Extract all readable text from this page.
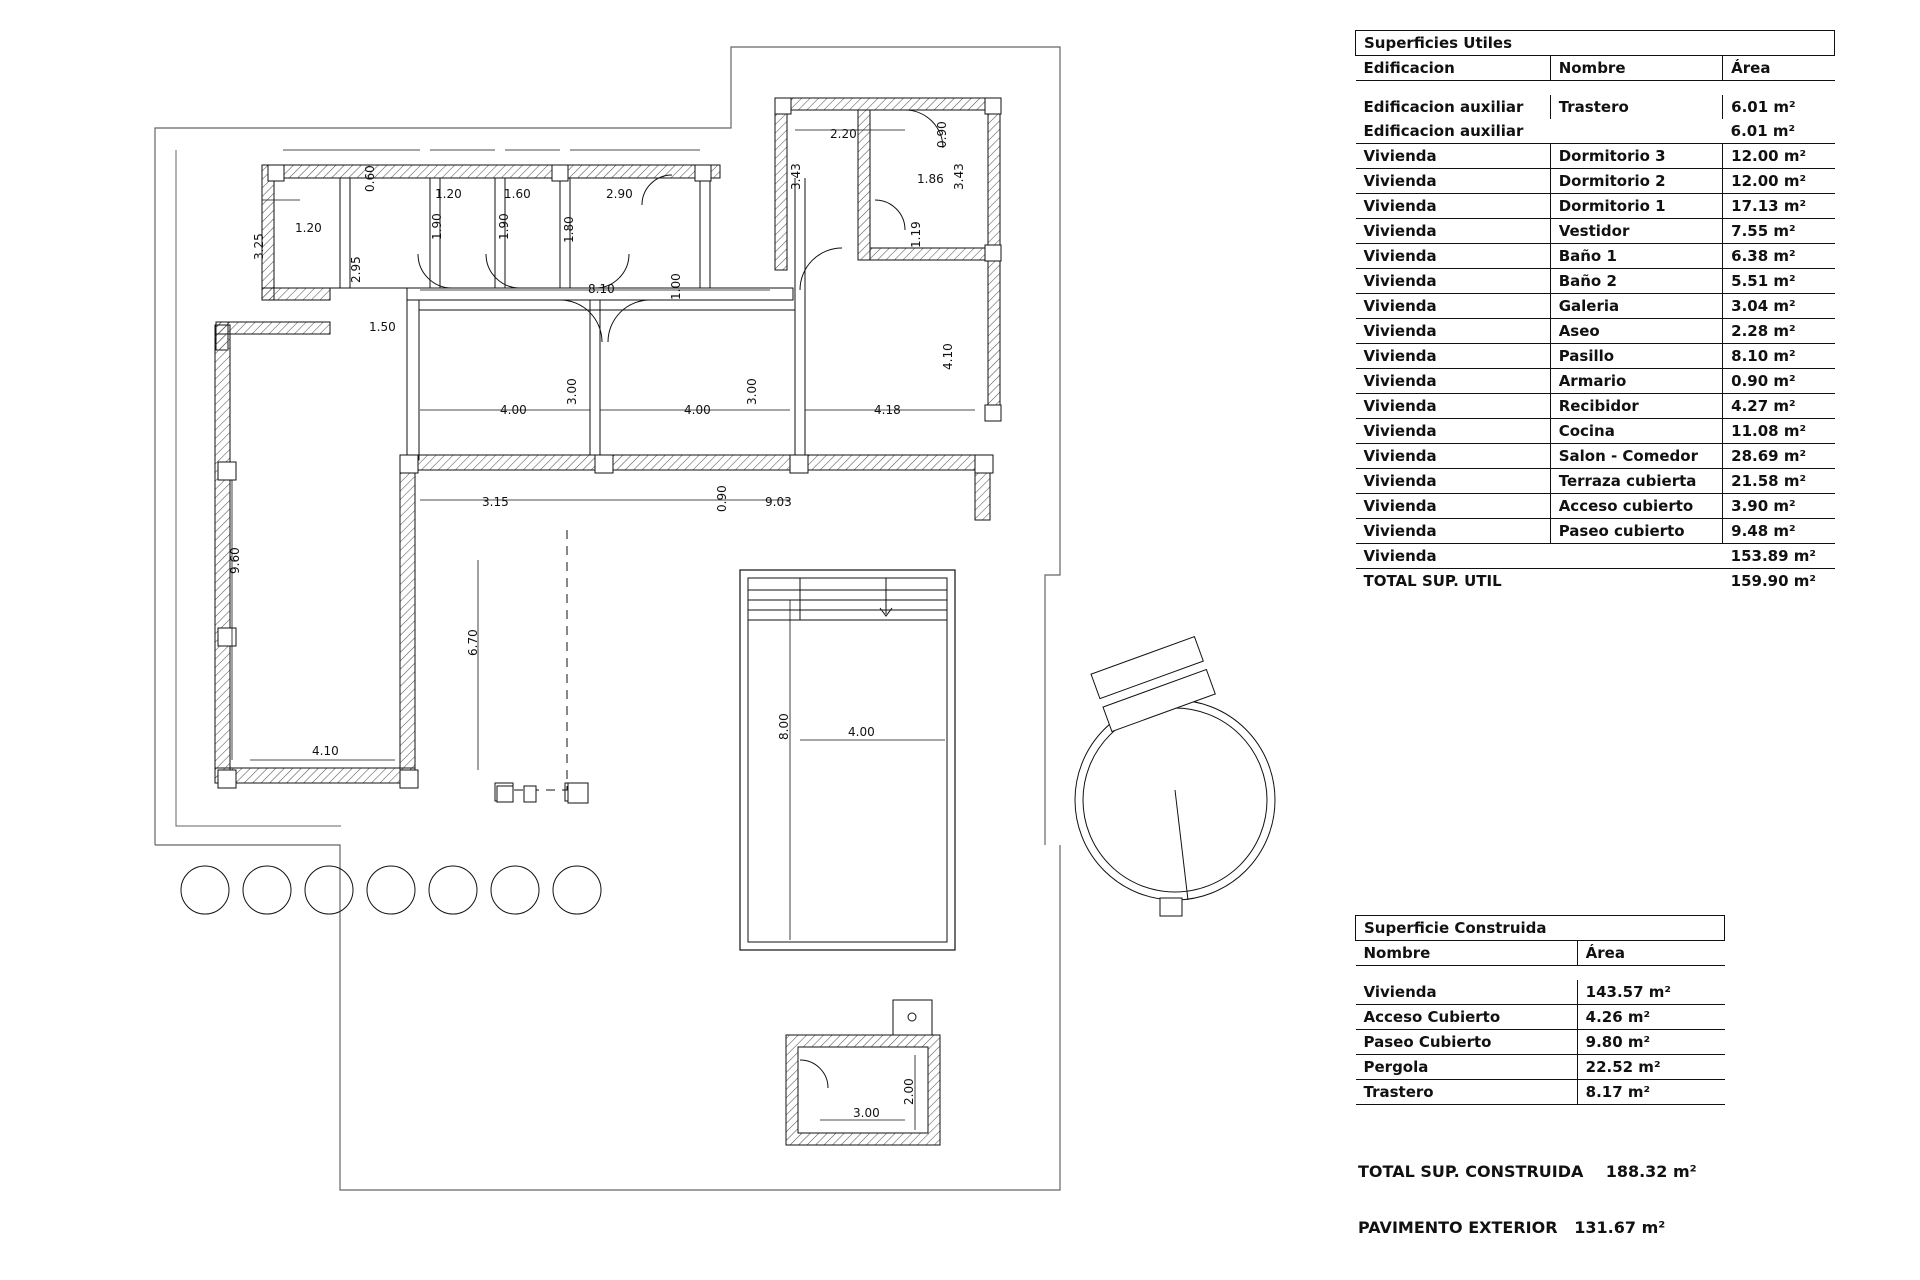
0.60
1.20	1.60	2.90
2.20	0.90
3.43	1.86 3.43
1.20
3.25
1.90	1.90	1.80	1.19
2.95
1.50
8.10	1.00
4.10
4.00
3.00
4.00
3.00
4.18
3.15	0.90	9.03
9.60
6.70
4.10
8.00	4.00
3.00
2.00
Superficies Utiles		
Edificacion	Nombre	Área

Edificacion auxiliar	Trastero	6.01 m²
Edificacion auxiliar		6.01 m²
Vivienda	Dormitorio 3	12.00 m²
Vivienda	Dormitorio 2	12.00 m²
Vivienda	Dormitorio 1	17.13 m²
Vivienda	Vestidor	7.55 m²
Vivienda	Baño 1	6.38 m²
Vivienda	Baño 2	5.51 m²
Vivienda	Galeria	3.04 m²
Vivienda	Aseo	2.28 m²
Vivienda	Pasillo	8.10 m²
Vivienda	Armario	0.90 m²
Vivienda	Recibidor	4.27 m²
Vivienda	Cocina	11.08 m²
Vivienda	Salon - Comedor	28.69 m²
Vivienda	Terraza cubierta	21.58 m²
Vivienda	Acceso cubierto	3.90 m²
Vivienda	Paseo cubierto	9.48 m²
Vivienda		153.89 m²
TOTAL SUP. UTIL		159.90 m²
Superficie Construida	
Nombre	Área

Vivienda	143.57 m²
Acceso Cubierto	4.26 m²
Paseo Cubierto	9.80 m²
Pergola	22.52 m²
Trastero	8.17 m²
TOTAL SUP. CONSTRUIDA 188.32 m²
PAVIMENTO EXTERIOR 131.67 m²
